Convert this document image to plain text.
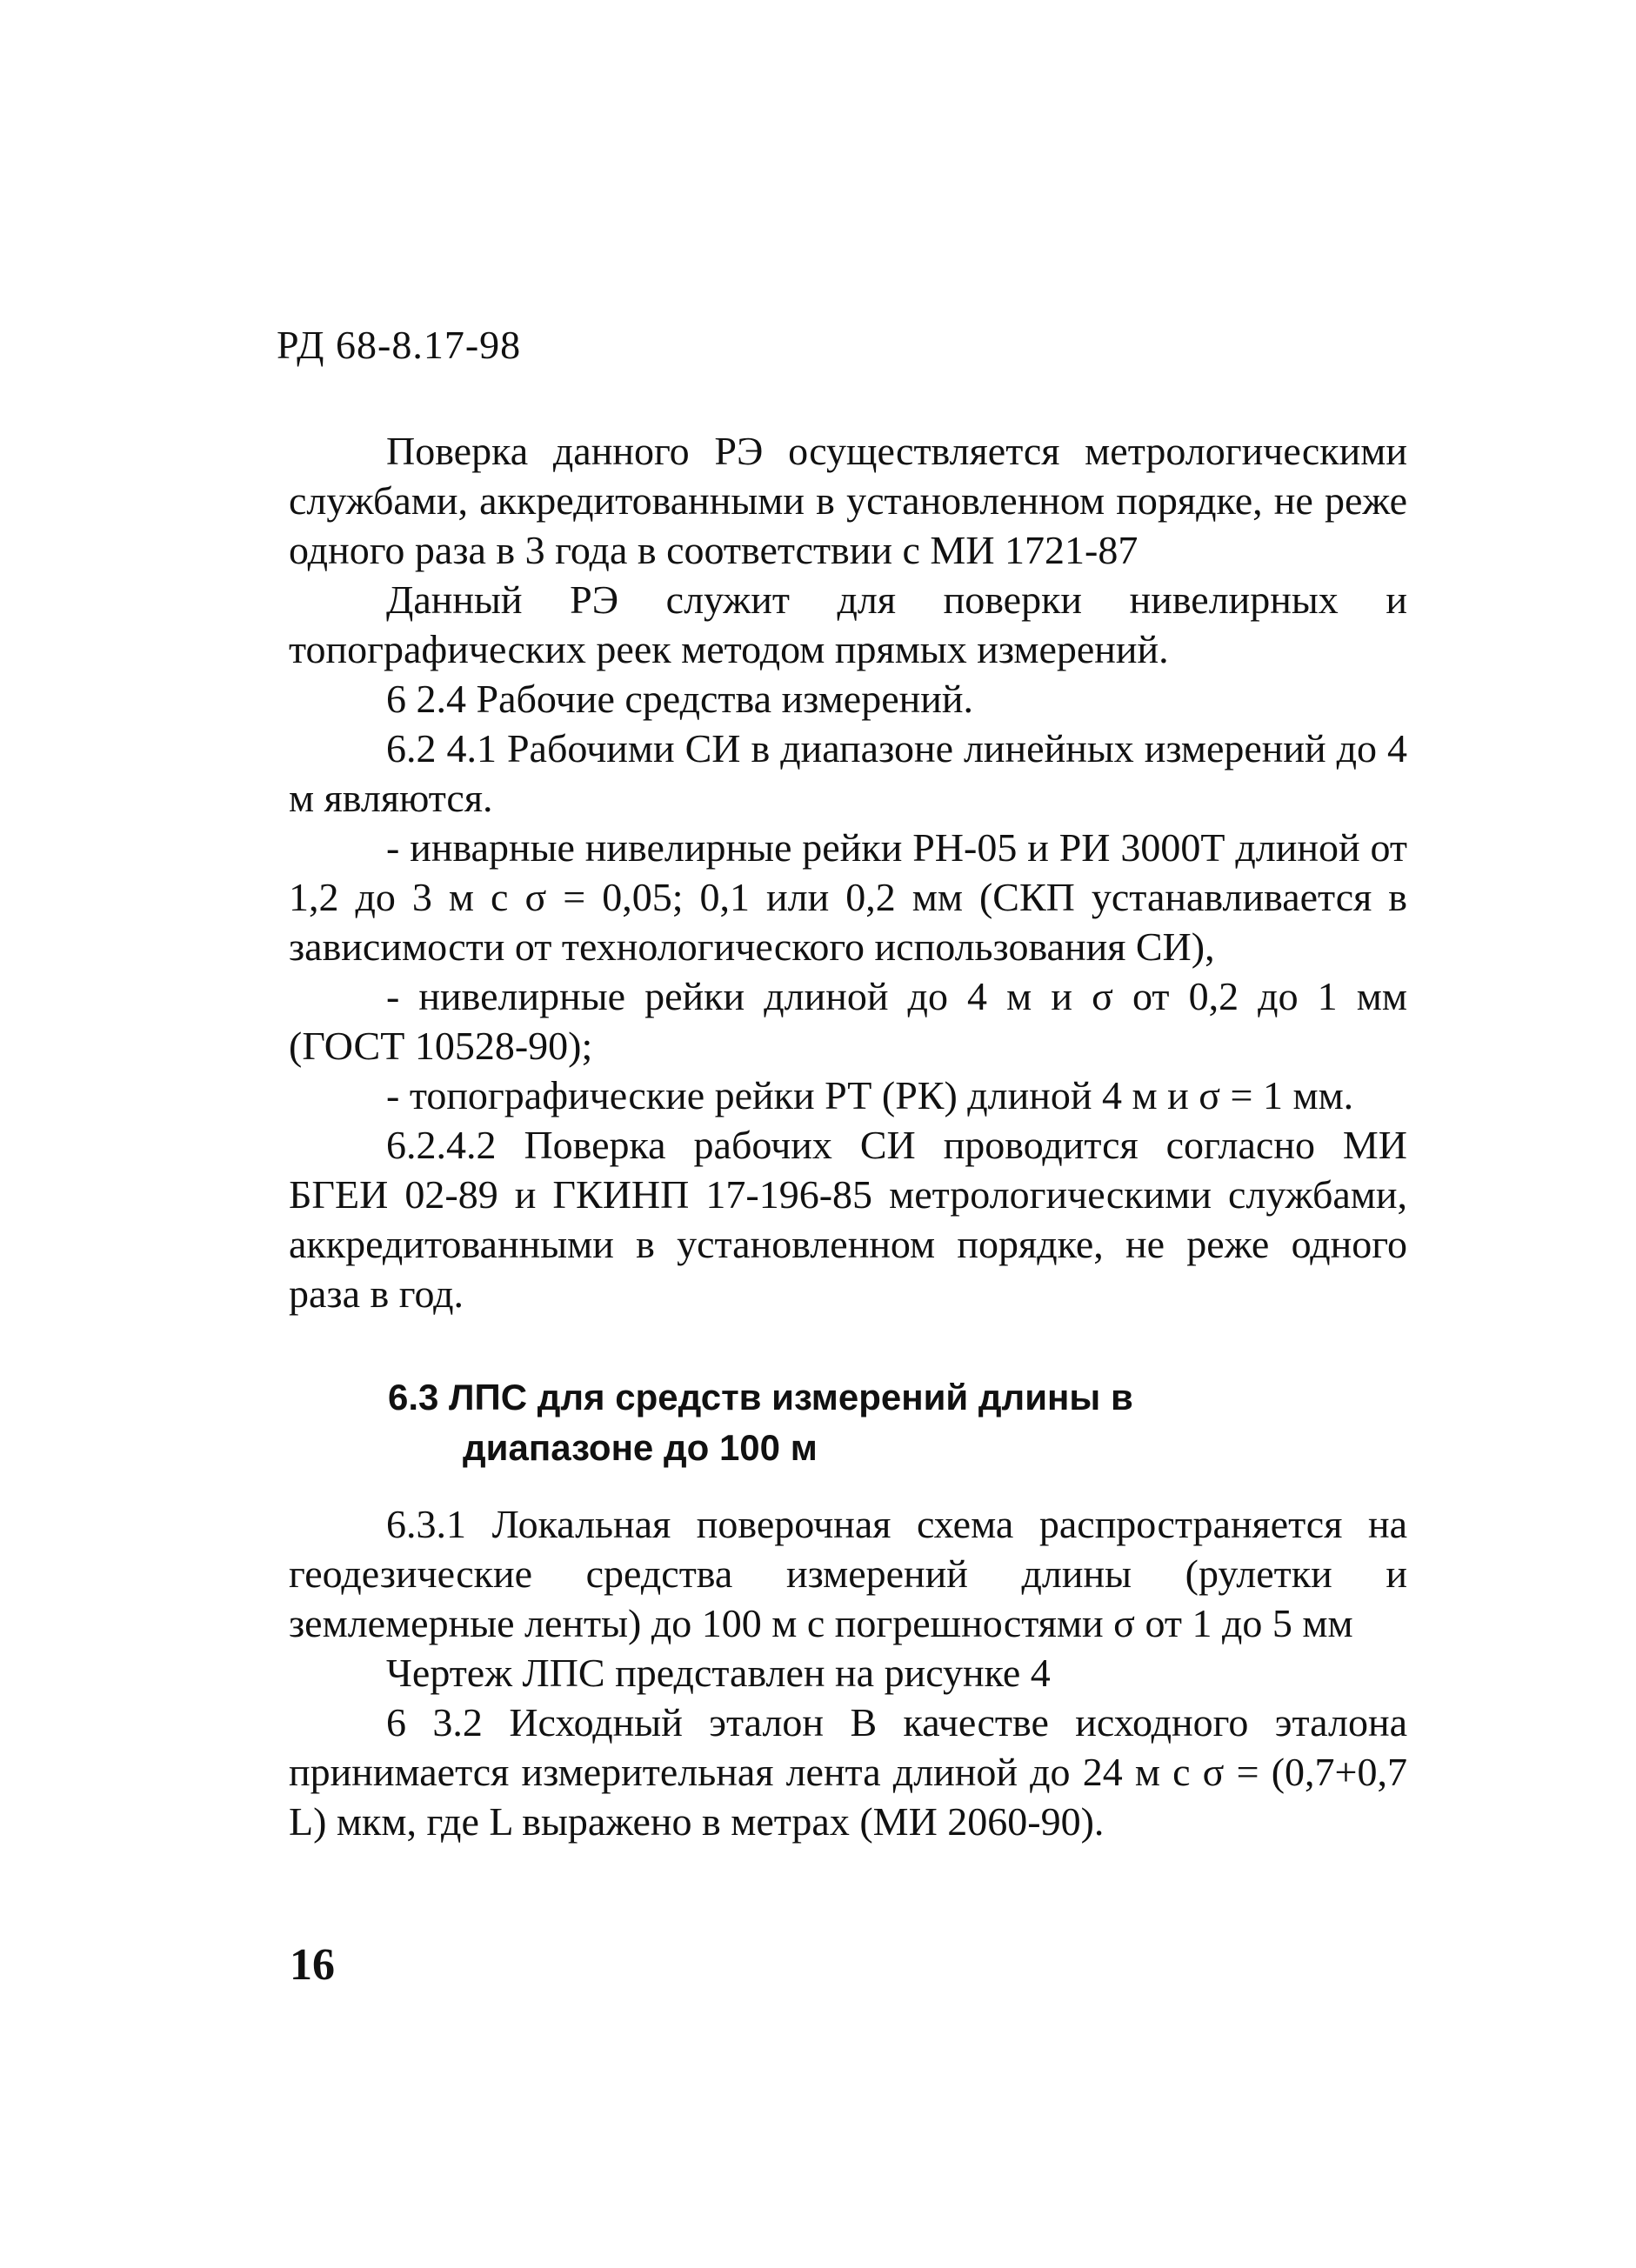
РД 68-8.17-98

Поверка данного РЭ осуществляется метрологическими службами, аккредитованными в установленном порядке, не реже одного раза в 3 года в соответствии с МИ 1721-87

Данный РЭ служит для поверки нивелирных и топографических реек методом прямых измерений.

6 2.4 Рабочие средства измерений.

6.2 4.1 Рабочими СИ в диапазоне линейных измерений до 4 м являются.

- инварные нивелирные рейки РН-05 и РИ 3000Т длиной от 1,2 до 3 м с σ = 0,05; 0,1 или 0,2 мм (СКП устанавливается в зависимости от технологического использования СИ),

- нивелирные рейки длиной до 4 м и σ от 0,2 до 1 мм (ГОСТ 10528-90);

- топографические рейки РТ (РК) длиной 4 м и σ = 1 мм.

6.2.4.2 Поверка рабочих СИ проводится согласно МИ БГЕИ 02-89 и ГКИНП 17-196-85 метрологическими службами, аккредитованными в установленном порядке, не реже одного раза в год.

6.3 ЛПС для средств измерений длины в
диапазоне до 100 м

6.3.1 Локальная поверочная схема распространяется на геодезические средства измерений длины (рулетки и землемерные ленты) до 100 м с погрешностями σ от 1 до 5 мм

Чертеж ЛПС представлен на рисунке 4

6 3.2 Исходный эталон В качестве исходного эталона принимается измерительная лента длиной до 24 м с σ = (0,7+0,7 L) мкм, где L выражено в метрах (МИ 2060-90).

16
